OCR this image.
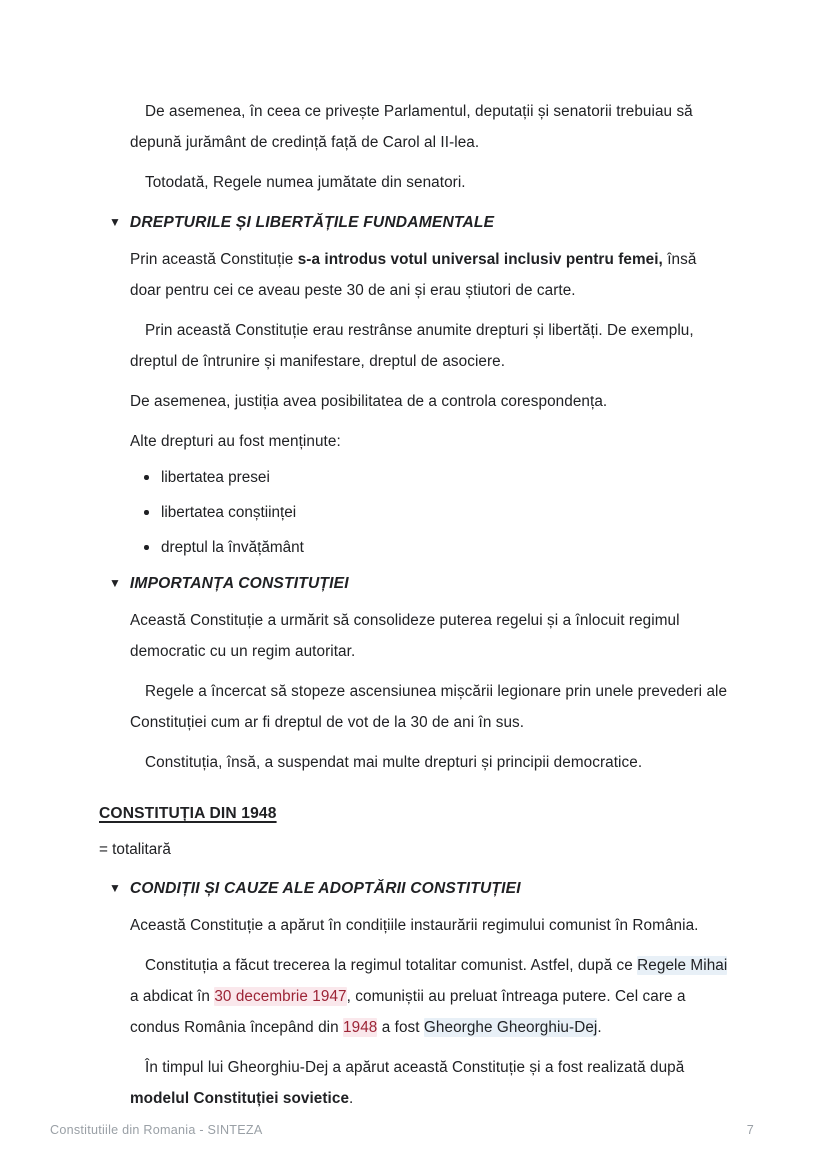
De asemenea, în ceea ce privește Parlamentul, deputații și senatorii trebuiau să depună jurământ de credință față de Carol al II-lea.

Totodată, Regele numea jumătate din senatori.

▼ DREPTURILE ȘI LIBERTĂȚILE FUNDAMENTALE

Prin această Constituție s-a introdus votul universal inclusiv pentru femei, însă doar pentru cei ce aveau peste 30 de ani și erau știutori de carte.

Prin această Constituție erau restrânse anumite drepturi și libertăți. De exemplu, dreptul de întrunire și manifestare, dreptul de asociere.

De asemenea, justiția avea posibilitatea de a controla corespondența.

Alte drepturi au fost menținute:

libertatea presei
libertatea conștiinței
dreptul la învățământ
▼ IMPORTANȚA CONSTITUȚIEI

Această Constituție a urmărit să consolideze puterea regelui și a înlocuit regimul democratic cu un regim autoritar.

Regele a încercat să stopeze ascensiunea mișcării legionare prin unele prevederi ale Constituției cum ar fi dreptul de vot de la 30 de ani în sus.

Constituția, însă, a suspendat mai multe drepturi și principii democratice.

CONSTITUȚIA DIN 1948

= totalitară

▼ CONDIȚII ȘI CAUZE ALE ADOPTĂRII CONSTITUȚIEI

Această Constituție a apărut în condițiile instaurării regimului comunist în România.

Constituția a făcut trecerea la regimul totalitar comunist. Astfel, după ce Regele Mihai a abdicat în 30 decembrie 1947, comuniștii au preluat întreaga putere. Cel care a condus România începând din 1948 a fost Gheorghe Gheorghiu-Dej.

În timpul lui Gheorghiu-Dej a apărut această Constituție și a fost realizată după modelul Constituției sovietice.

Constitutiile din Romania - SINTEZA	7
